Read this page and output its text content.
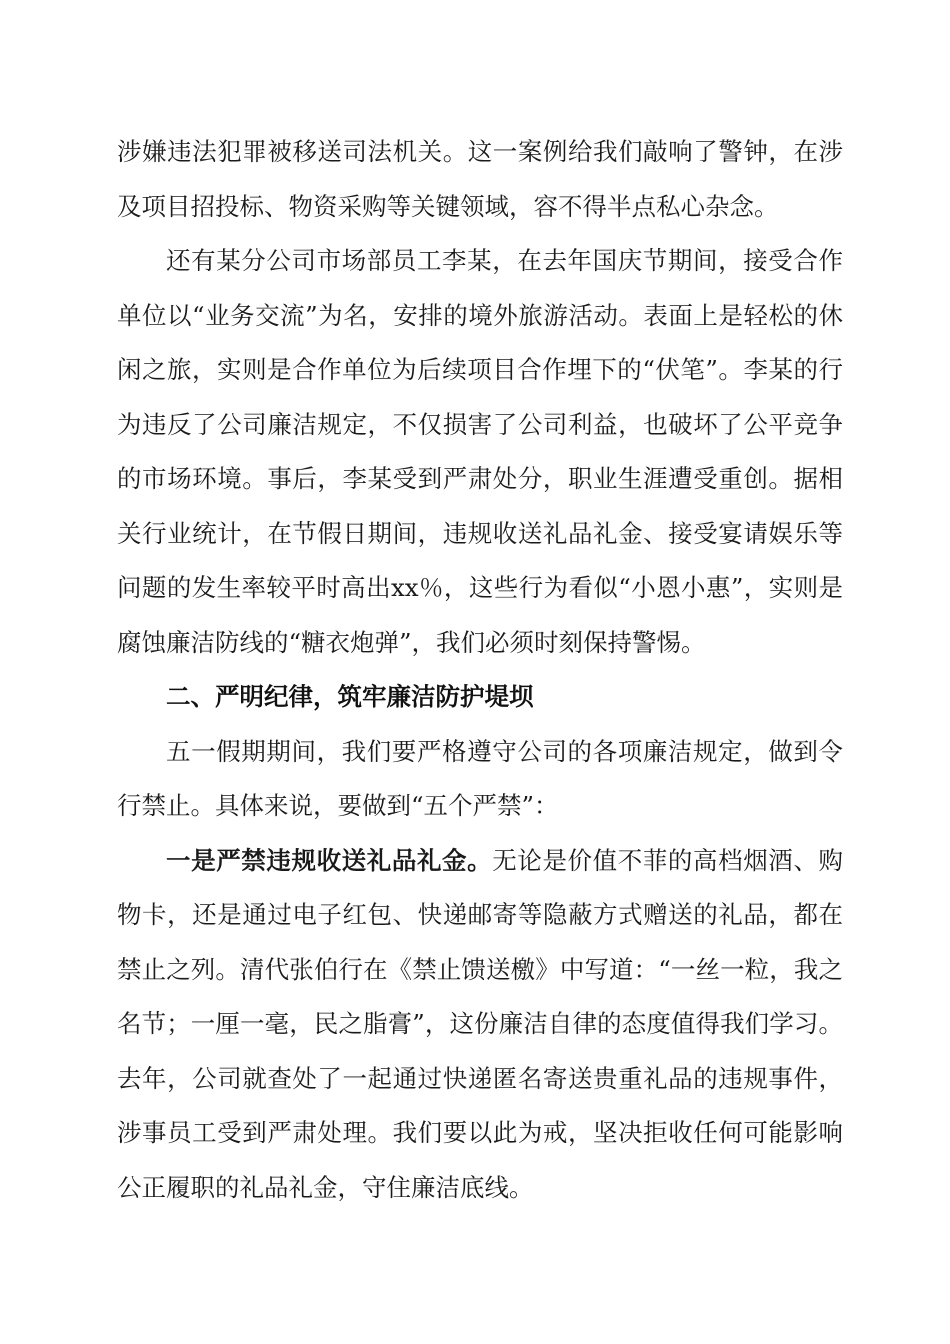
涉嫌违法犯罪被移送司法机关。这一案例给我们敲响了警钟，在涉及项目招投标、物资采购等关键领域，容不得半点私心杂念。

还有某分公司市场部员工李某，在去年国庆节期间，接受合作单位以“业务交流”为名，安排的境外旅游活动。表面上是轻松的休闲之旅，实则是合作单位为后续项目合作埋下的“伏笔”。李某的行为违反了公司廉洁规定，不仅损害了公司利益，也破坏了公平竞争的市场环境。事后，李某受到严肃处分，职业生涯遭受重创。据相关行业统计，在节假日期间，违规收送礼品礼金、接受宴请娱乐等问题的发生率较平时高出xx％，这些行为看似“小恩小惠”，实则是腐蚀廉洁防线的“糖衣炮弹”，我们必须时刻保持警惕。

二、严明纪律，筑牢廉洁防护堤坝

五一假期期间，我们要严格遵守公司的各项廉洁规定，做到令行禁止。具体来说，要做到“五个严禁”：

一是严禁违规收送礼品礼金。无论是价值不菲的高档烟酒、购物卡，还是通过电子红包、快递邮寄等隐蔽方式赠送的礼品，都在禁止之列。清代张伯行在《禁止馈送檄》中写道：“一丝一粒，我之名节；一厘一毫，民之脂膏”，这份廉洁自律的态度值得我们学习。去年，公司就查处了一起通过快递匿名寄送贵重礼品的违规事件，涉事员工受到严肃处理。我们要以此为戒，坚决拒收任何可能影响公正履职的礼品礼金，守住廉洁底线。
